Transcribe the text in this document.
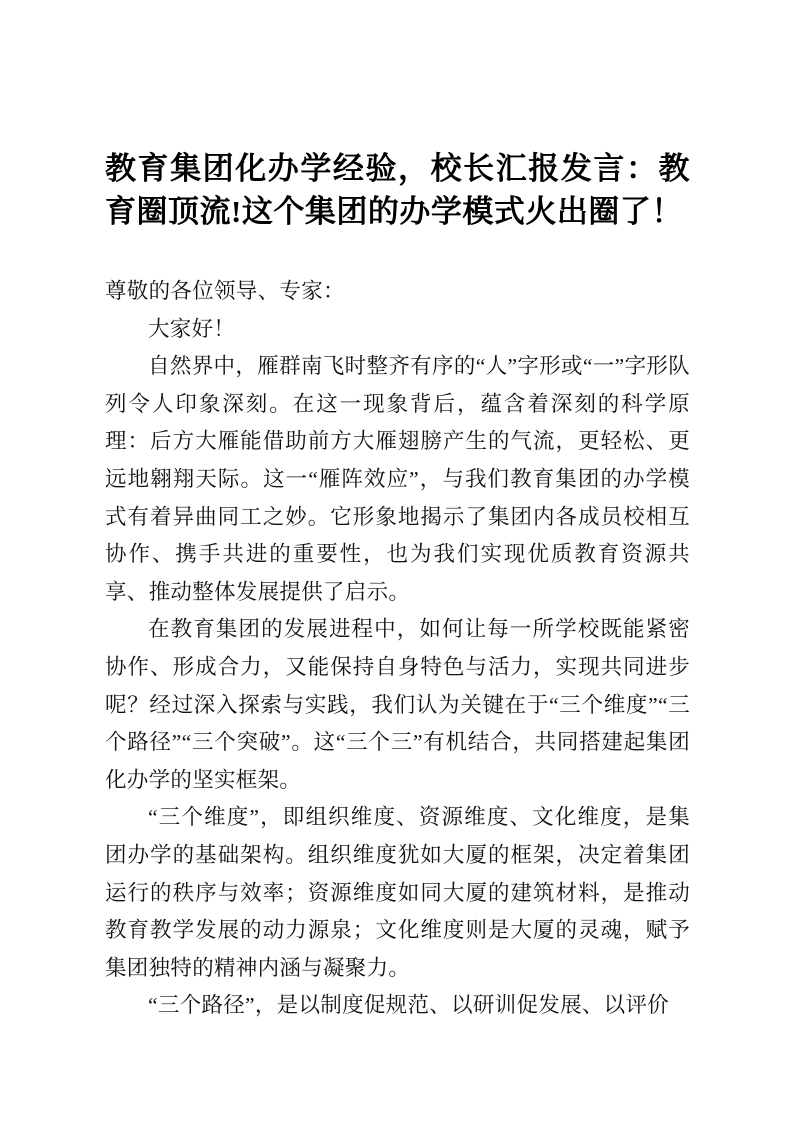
教育集团化办学经验，校长汇报发言：教育圈顶流!这个集团的办学模式火出圈了！

尊敬的各位领导、专家：

大家好！

自然界中，雁群南飞时整齐有序的“人”字形或“一”字形队列令人印象深刻。在这一现象背后，蕴含着深刻的科学原理：后方大雁能借助前方大雁翅膀产生的气流，更轻松、更远地翱翔天际。这一“雁阵效应”，与我们教育集团的办学模式有着异曲同工之妙。它形象地揭示了集团内各成员校相互协作、携手共进的重要性，也为我们实现优质教育资源共享、推动整体发展提供了启示。

在教育集团的发展进程中，如何让每一所学校既能紧密协作、形成合力，又能保持自身特色与活力，实现共同进步呢？经过深入探索与实践，我们认为关键在于“三个维度”“三个路径”“三个突破”。这“三个三”有机结合，共同搭建起集团化办学的坚实框架。

“三个维度”，即组织维度、资源维度、文化维度，是集团办学的基础架构。组织维度犹如大厦的框架，决定着集团运行的秩序与效率；资源维度如同大厦的建筑材料，是推动教育教学发展的动力源泉；文化维度则是大厦的灵魂，赋予集团独特的精神内涵与凝聚力。

“三个路径”，是以制度促规范、以研训促发展、以评价
